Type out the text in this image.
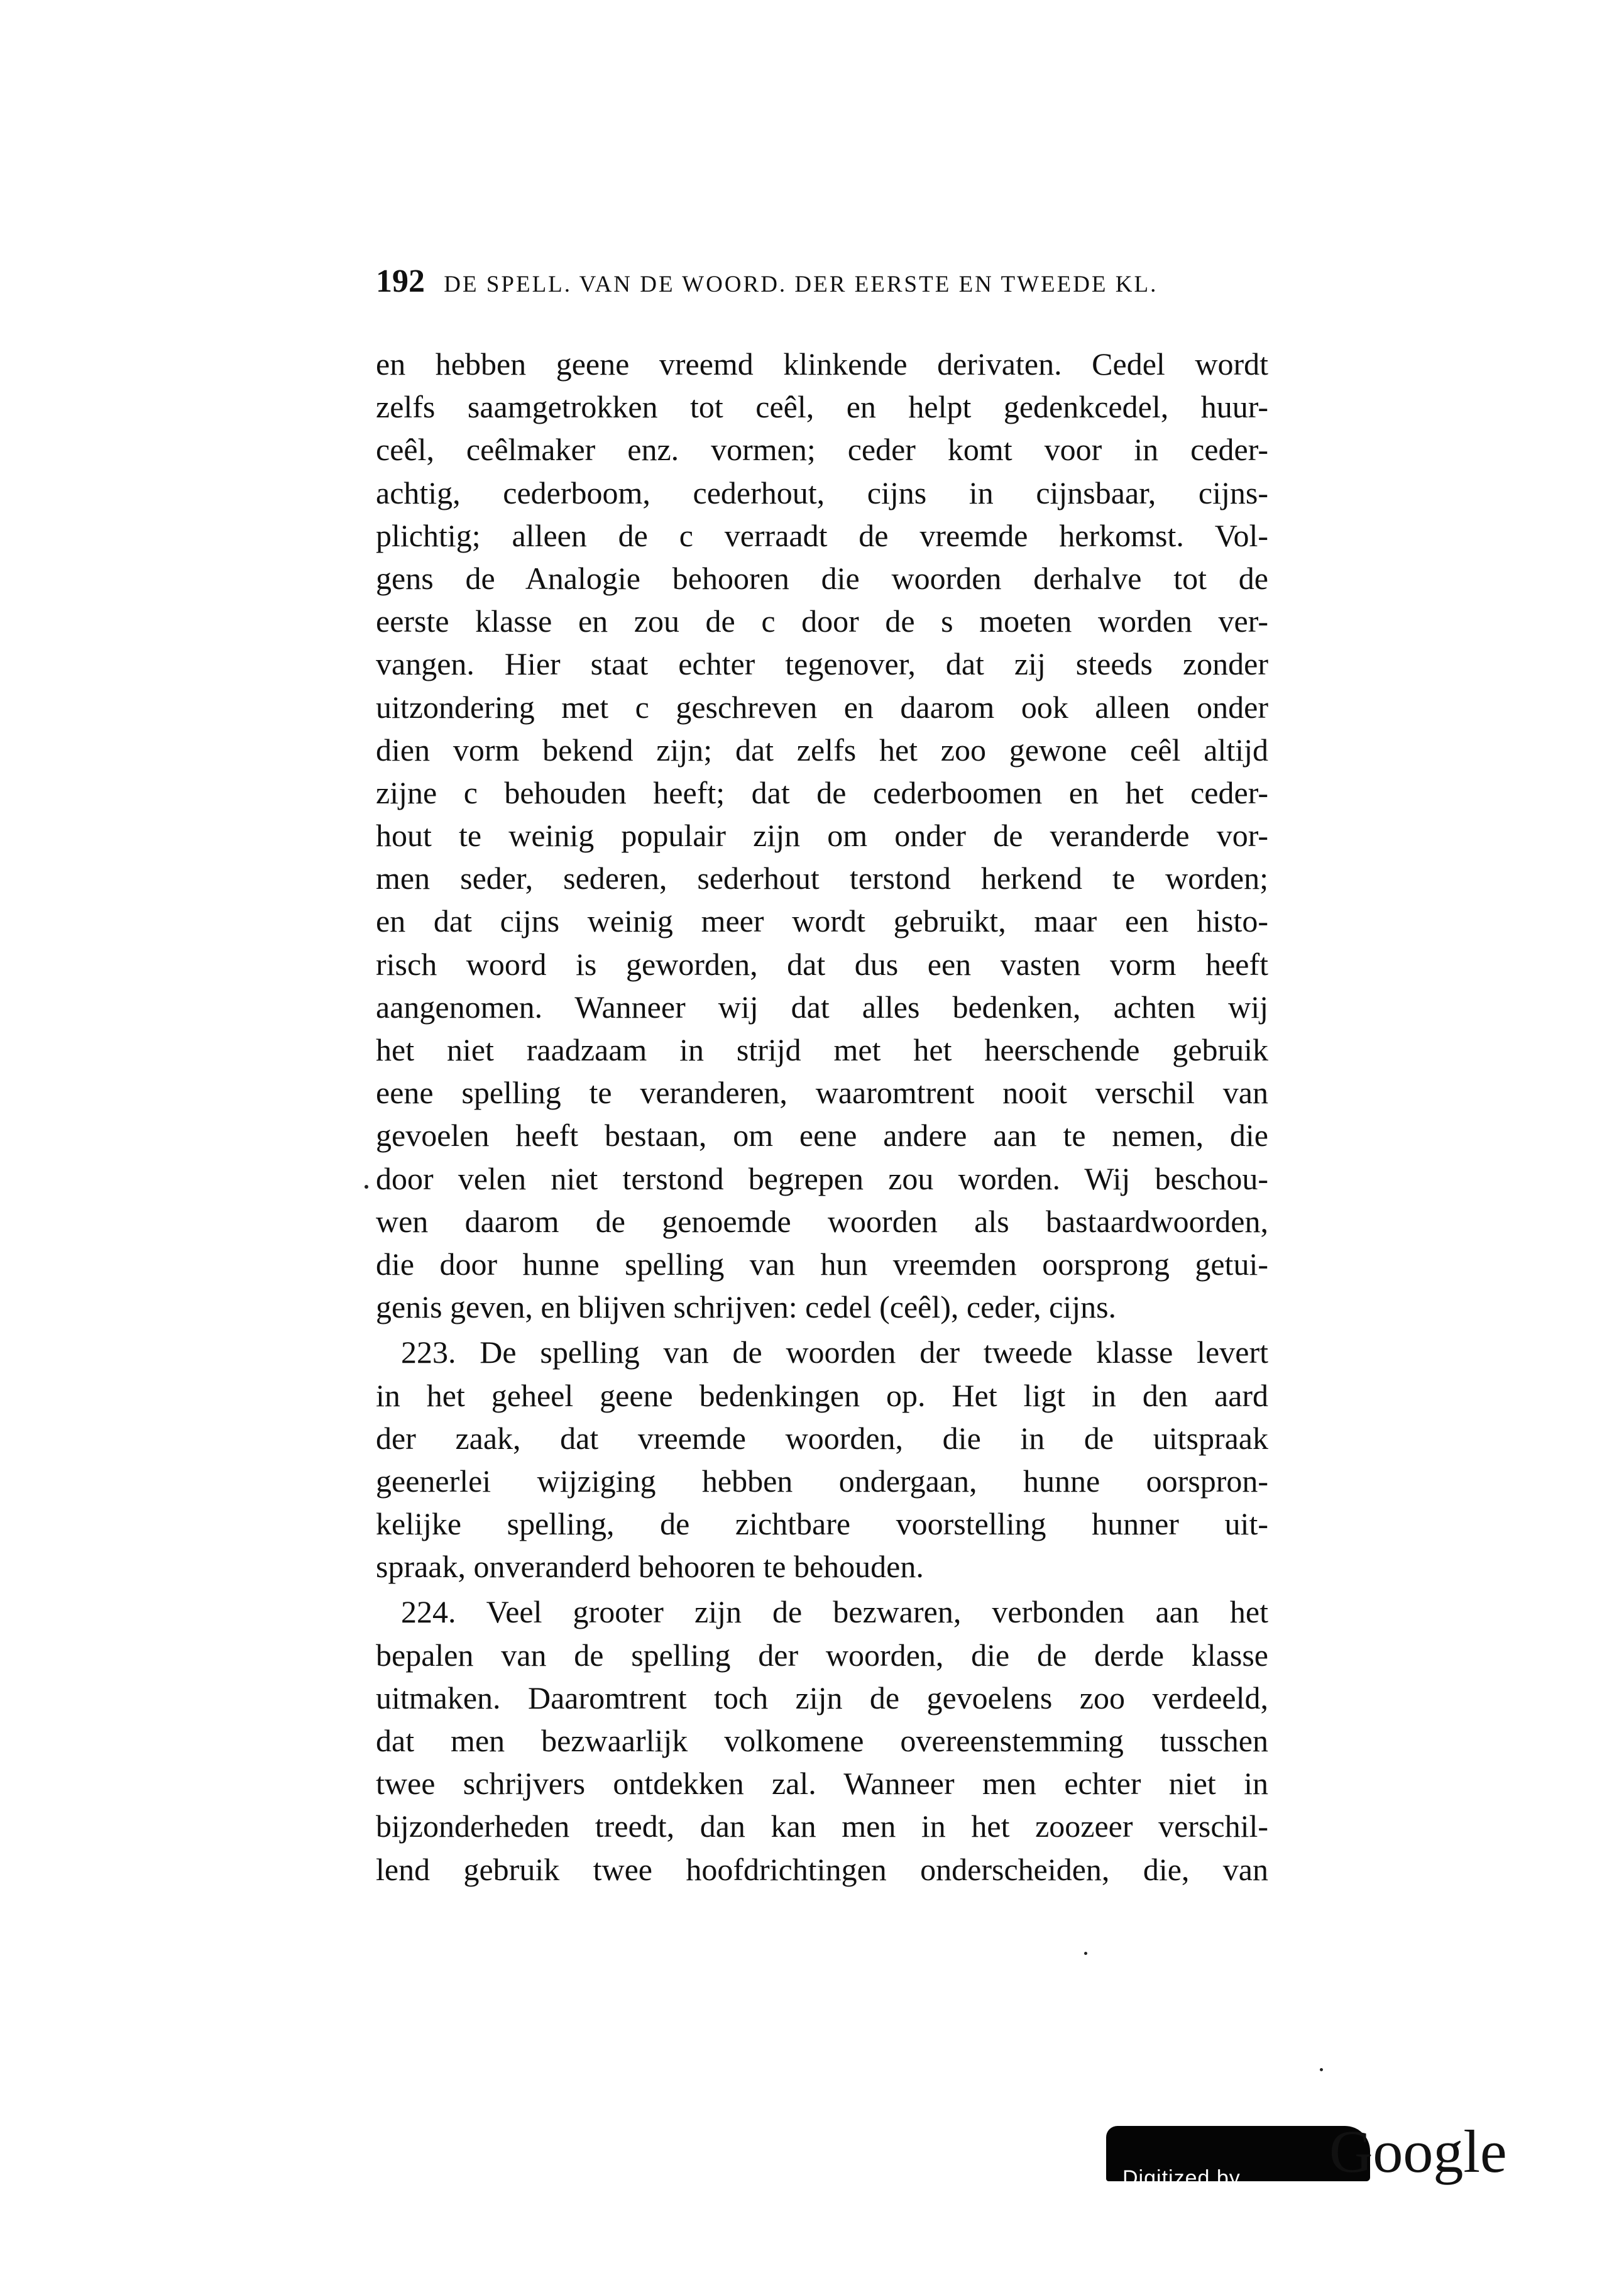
192 DE SPELL. VAN DE WOORD. DER EERSTE EN TWEEDE KL.
en hebben geene vreemd klinkende derivaten. Cedel wordt
zelfs saamgetrokken tot ceêl, en helpt gedenkcedel, huur-
ceêl, ceêlmaker enz. vormen; ceder komt voor in ceder-
achtig, cederboom, cederhout, cijns in cijnsbaar, cijns-
plichtig; alleen de c verraadt de vreemde herkomst. Vol-
gens de Analogie behooren die woorden derhalve tot de
eerste klasse en zou de c door de s moeten worden ver-
vangen. Hier staat echter tegenover, dat zij steeds zonder
uitzondering met c geschreven en daarom ook alleen onder
dien vorm bekend zijn; dat zelfs het zoo gewone ceêl altijd
zijne c behouden heeft; dat de cederboomen en het ceder-
hout te weinig populair zijn om onder de veranderde vor-
men seder, sederen, sederhout terstond herkend te worden;
en dat cijns weinig meer wordt gebruikt, maar een histo-
risch woord is geworden, dat dus een vasten vorm heeft
aangenomen. Wanneer wij dat alles bedenken, achten wij
het niet raadzaam in strijd met het heerschende gebruik
eene spelling te veranderen, waaromtrent nooit verschil van
gevoelen heeft bestaan, om eene andere aan te nemen, die
door velen niet terstond begrepen zou worden. Wij beschou-
wen daarom de genoemde woorden als bastaardwoorden,
die door hunne spelling van hun vreemden oorsprong getui-
genis geven, en blijven schrijven: cedel (ceêl), ceder, cijns.
223. De spelling van de woorden der tweede klasse levert
in het geheel geene bedenkingen op. Het ligt in den aard
der zaak, dat vreemde woorden, die in de uitspraak
geenerlei wijziging hebben ondergaan, hunne oorspron-
kelijke spelling, de zichtbare voorstelling hunner uit-
spraak, onveranderd behooren te behouden.
224. Veel grooter zijn de bezwaren, verbonden aan het
bepalen van de spelling der woorden, die de derde klasse
uitmaken. Daaromtrent toch zijn de gevoelens zoo verdeeld,
dat men bezwaarlijk volkomene overeenstemming tusschen
twee schrijvers ontdekken zal. Wanneer men echter niet in
bijzonderheden treedt, dan kan men in het zoozeer verschil-
lend gebruik twee hoofdrichtingen onderscheiden, die, van
Digitized by Google
